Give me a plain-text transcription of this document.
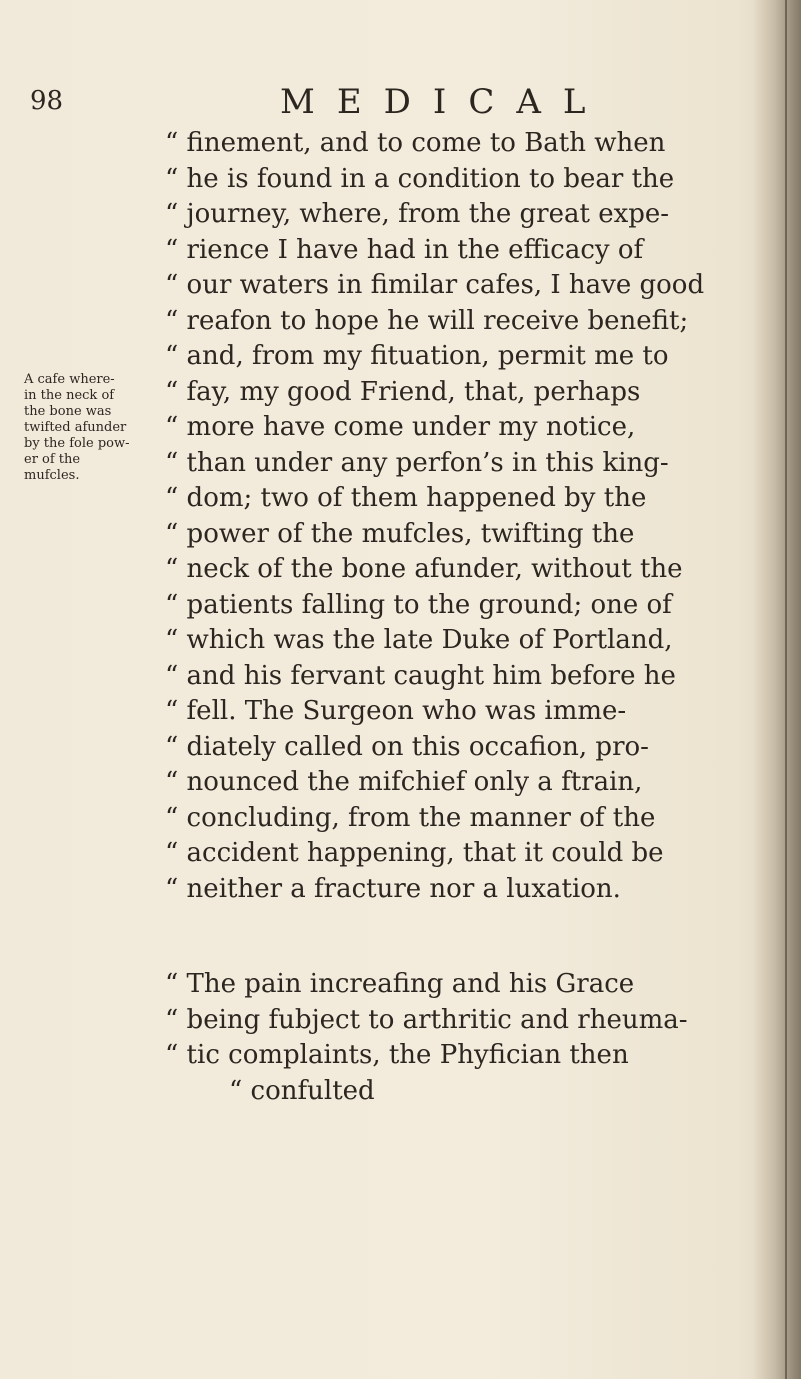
98	MEDICAL
A cafe where-
in the neck of
the bone was
twifted afunder
by the fole pow-
er of the
mufcles.
“ finement, and to come to Bath when
“ he is found in a condition to bear the
“ journey, where, from the great expe-
“ rience I have had in the efficacy of
“ our waters in fimilar cafes, I have good
“ reafon to hope he will receive benefit;
“ and, from my fituation, permit me to
“ fay, my good Friend, that, perhaps
“ more have come under my notice,
“ than under any perfon’s in this king-
“ dom; two of them happened by the
“ power of the mufcles, twifting the
“ neck of the bone afunder, without the
“ patients falling to the ground; one of
“ which was the late Duke of Portland,
“ and his fervant caught him before he
“ fell. The Surgeon who was imme-
“ diately called on this occafion, pro-
“ nounced the mifchief only a ftrain,
“ concluding, from the manner of the
“ accident happening, that it could be
“ neither a fracture nor a luxation.
“ The pain increafing and his Grace
“ being fubject to arthritic and rheuma-
“ tic complaints, the Phyfician then
“ confulted
